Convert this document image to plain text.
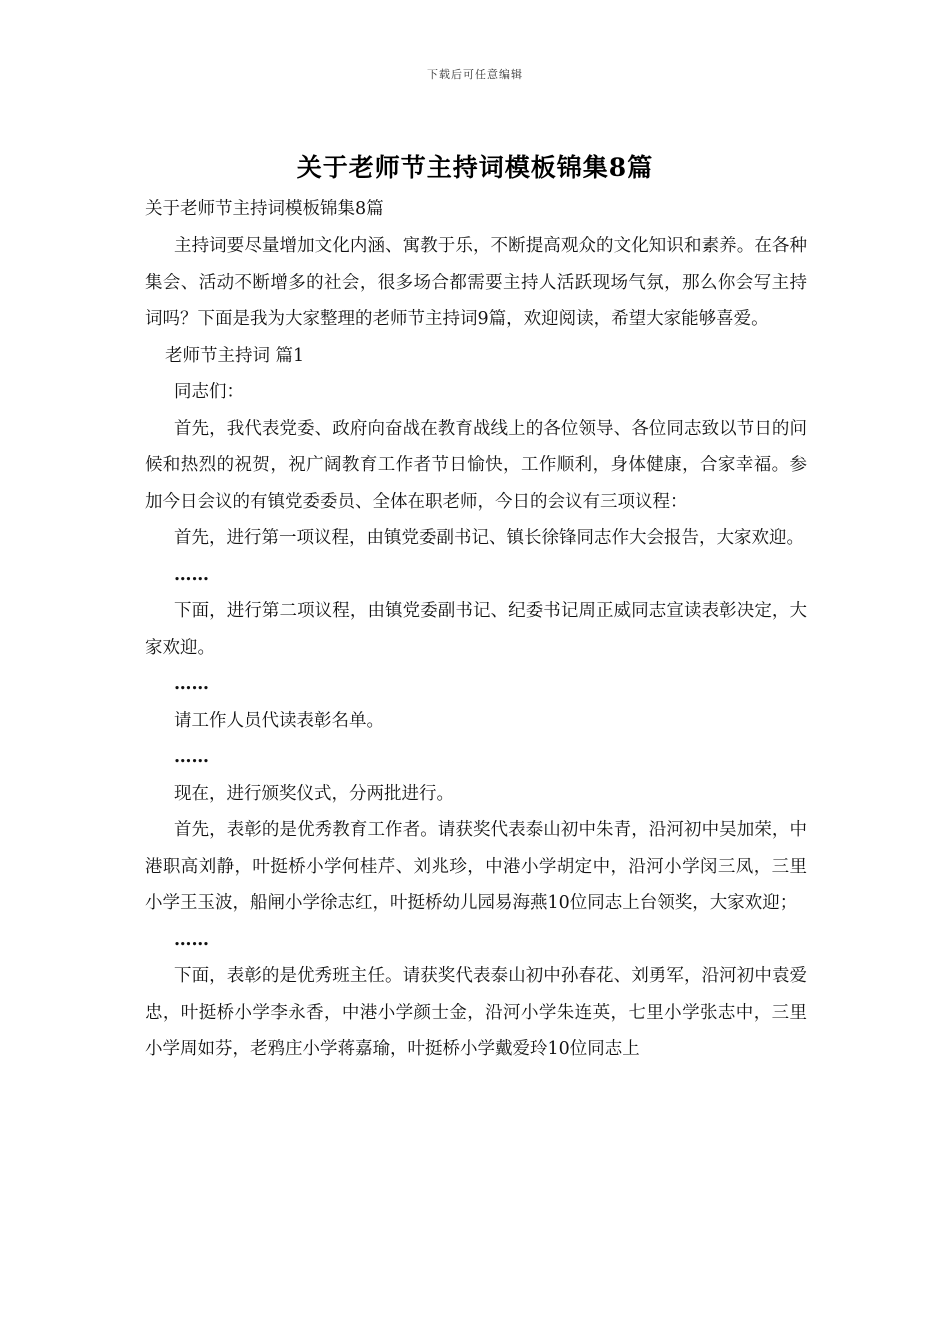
下载后可任意编辑
关于老师节主持词模板锦集8篇

关于老师节主持词模板锦集8篇

主持词要尽量增加文化内涵、寓教于乐，不断提高观众的文化知识和素养。在各种集会、活动不断增多的社会，很多场合都需要主持人活跃现场气氛，那么你会写主持词吗？下面是我为大家整理的老师节主持词9篇，欢迎阅读，希望大家能够喜爱。

老师节主持词 篇1

同志们：

首先，我代表党委、政府向奋战在教育战线上的各位领导、各位同志致以节日的问候和热烈的祝贺，祝广阔教育工作者节日愉快，工作顺利，身体健康，合家幸福。参加今日会议的有镇党委委员、全体在职老师，今日的会议有三项议程：

首先，进行第一项议程，由镇党委副书记、镇长徐锋同志作大会报告，大家欢迎。

……

下面，进行第二项议程，由镇党委副书记、纪委书记周正威同志宣读表彰决定，大家欢迎。

……

请工作人员代读表彰名单。

……

现在，进行颁奖仪式，分两批进行。

首先，表彰的是优秀教育工作者。请获奖代表泰山初中朱青，沿河初中吴加荣，中港职高刘静，叶挺桥小学何桂芹、刘兆珍，中港小学胡定中，沿河小学闵三凤，三里小学王玉波，船闸小学徐志红，叶挺桥幼儿园易海燕10位同志上台领奖，大家欢迎；

……

下面，表彰的是优秀班主任。请获奖代表泰山初中孙春花、刘勇军，沿河初中袁爱忠，叶挺桥小学李永香，中港小学颜士金，沿河小学朱连英，七里小学张志中，三里小学周如芬，老鸦庄小学蒋嘉瑜，叶挺桥小学戴爱玲10位同志上
